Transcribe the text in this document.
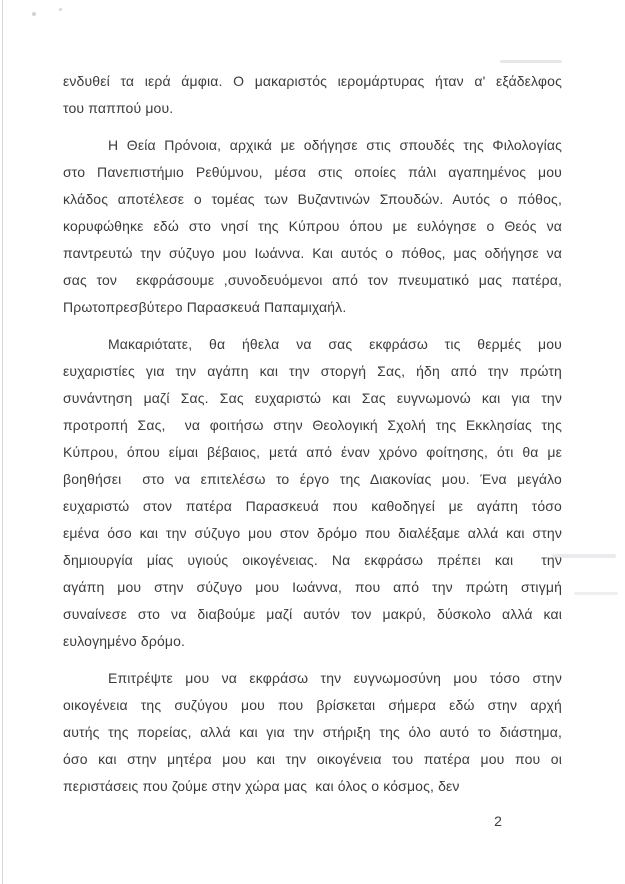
ενδυθεί τα ιερά άμφια. Ο μακαριστός ιερομάρτυρας ήταν α' εξάδελφος
του παππού μου.
Η Θεία Πρόνοια, αρχικά με οδήγησε στις σπουδές της Φιλολογίας
στο Πανεπιστήμιο Ρεθύμνου, μέσα στις οποίες πάλι αγαπημένος μου
κλάδος αποτέλεσε ο τομέας των Βυζαντινών Σπουδών. Αυτός ο πόθος,
κορυφώθηκε εδώ στο νησί της Κύπρου όπου με ευλόγησε ο Θεός να
παντρευτώ την σύζυγο μου Ιωάννα. Και αυτός ο πόθος, μας οδήγησε να
σας τον  εκφράσουμε ,συνοδευόμενοι από τον πνευματικό μας πατέρα,
Πρωτοπρεσβύτερο Παρασκευά Παπαμιχαήλ.
Μακαριότατε, θα ήθελα να σας εκφράσω τις θερμές μου
ευχαριστίες για την αγάπη και την στοργή Σας, ήδη από την πρώτη
συνάντηση μαζί Σας. Σας ευχαριστώ και Σας ευγνωμονώ και για την
προτροπή Σας,  να φοιτήσω στην Θεολογική Σχολή της Εκκλησίας της
Κύπρου, όπου είμαι βέβαιος, μετά από έναν χρόνο φοίτησης, ότι θα με
βοηθήσει  στο να επιτελέσω το έργο της Διακονίας μου. Ένα μεγάλο
ευχαριστώ στον πατέρα Παρασκευά που καθοδηγεί με αγάπη τόσο
εμένα όσο και την σύζυγο μου στον δρόμο που διαλέξαμε αλλά και στην
δημιουργία μίας υγιούς οικογένειας. Να εκφράσω πρέπει και  την
αγάπη μου στην σύζυγο μου Ιωάννα, που από την πρώτη στιγμή
συναίνεσε στο να διαβούμε μαζί αυτόν τον μακρύ, δύσκολο αλλά και
ευλογημένο δρόμο.
Επιτρέψτε μου να εκφράσω την ευγνωμοσύνη μου τόσο στην
οικογένεια της συζύγου μου που βρίσκεται σήμερα εδώ στην αρχή
αυτής της πορείας, αλλά και για την στήριξη της όλο αυτό το διάστημα,
όσο και στην μητέρα μου και την οικογένεια του πατέρα μου που οι
περιστάσεις που ζούμε στην χώρα μας  και όλος ο κόσμος, δεν
2
